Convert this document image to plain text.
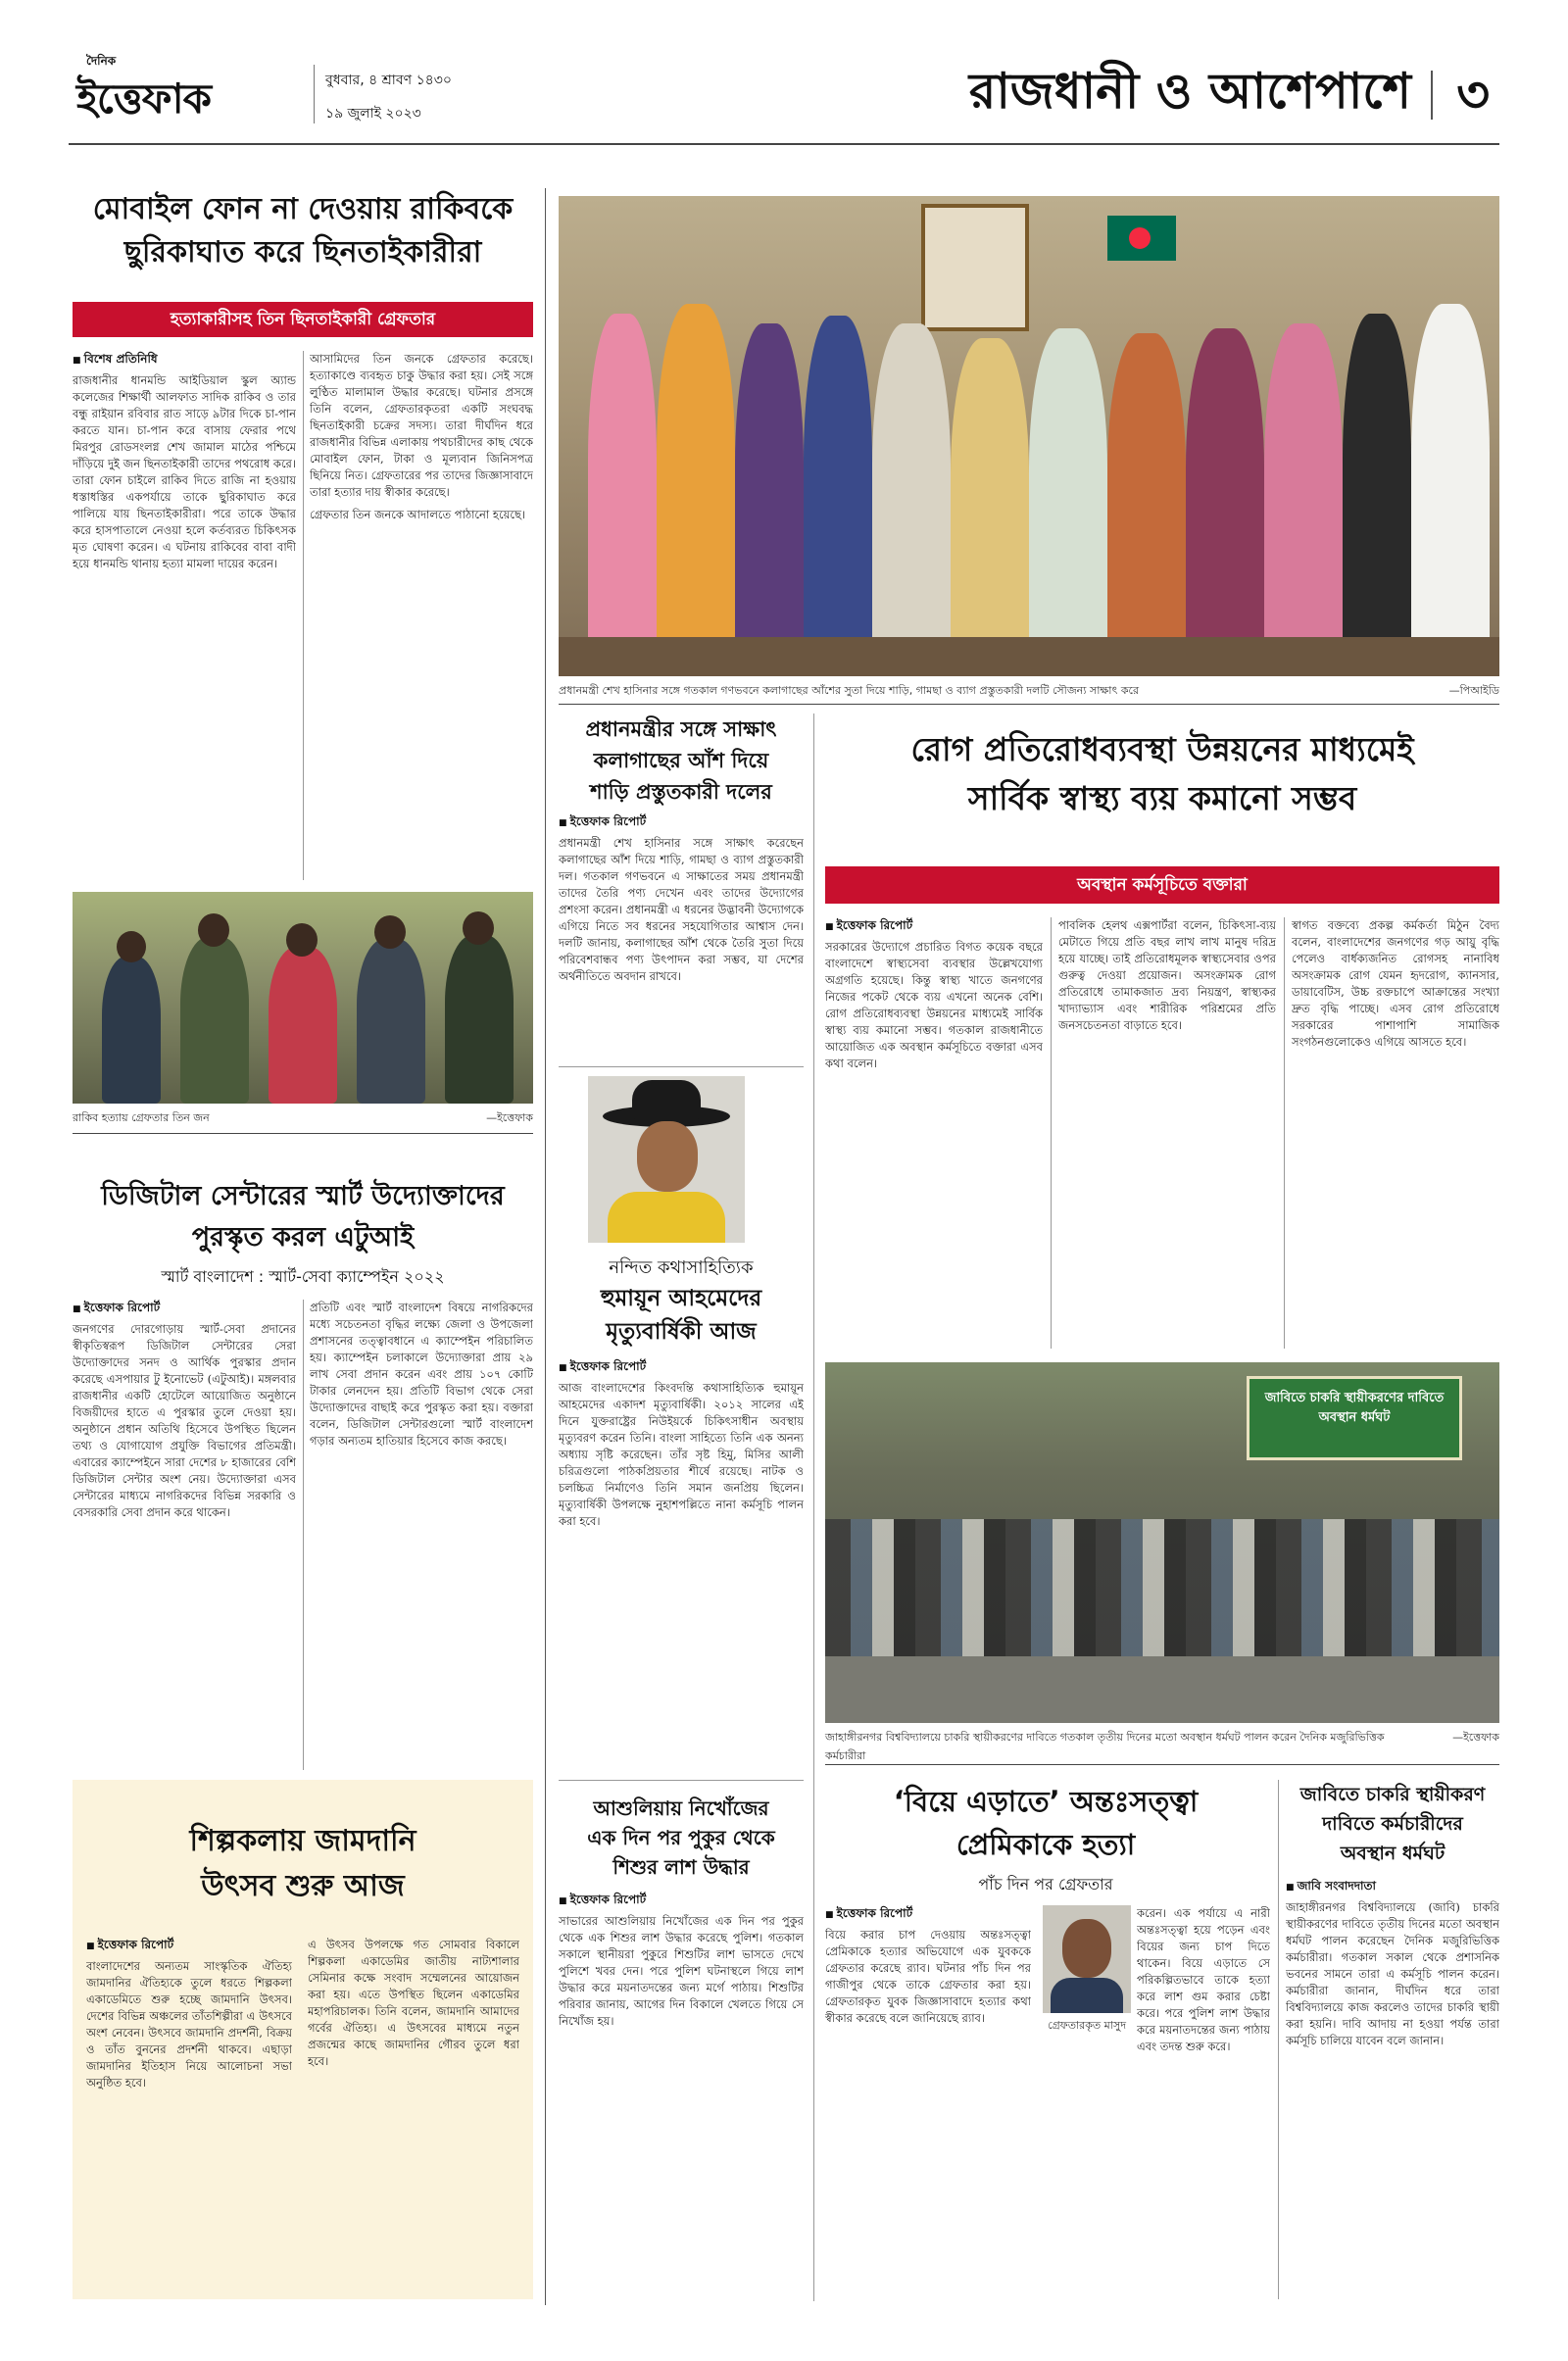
দৈনিক
ইত্তেফাক	বুধবার, ৪ শ্রাবণ ১৪৩০
১৯ জুলাই ২০২৩	রাজধানী ও আশেপাশে ৩
মোবাইল ফোন না দেওয়ায় রাকিবকে
ছুরিকাঘাত করে ছিনতাইকারীরা
হত্যাকারীসহ তিন ছিনতাইকারী গ্রেফতার
■ বিশেষ প্রতিনিধি
রাজধানীর ধানমন্ডি আইডিয়াল স্কুল অ্যান্ড কলেজের শিক্ষার্থী আলফাত সাদিক রাকিব ও তার বন্ধু রাইয়ান রবিবার রাত সাড়ে ৯টার দিকে চা-পান করতে যান। চা-পান করে বাসায় ফেরার পথে মিরপুর রোডসংলগ্ন শেখ জামাল মাঠের পশ্চিমে দাঁড়িয়ে দুই জন ছিনতাইকারী তাদের পথরোধ করে। তারা ফোন চাইলে রাকিব দিতে রাজি না হওয়ায় ধস্তাধস্তির একপর্যায়ে তাকে ছুরিকাঘাত করে পালিয়ে যায় ছিনতাইকারীরা। পরে তাকে উদ্ধার করে হাসপাতালে নেওয়া হলে কর্তব্যরত চিকিৎসক মৃত ঘোষণা করেন। এ ঘটনায় রাকিবের বাবা বাদী হয়ে ধানমন্ডি থানায় হত্যা মামলা দায়ের করেন।
আসামিদের তিন জনকে গ্রেফতার করেছে। হত্যাকাণ্ডে ব্যবহৃত চাকু উদ্ধার করা হয়। সেই সঙ্গে লুণ্ঠিত মালামাল উদ্ধার করেছে। ঘটনার প্রসঙ্গে তিনি বলেন, গ্রেফতারকৃতরা একটি সংঘবদ্ধ ছিনতাইকারী চক্রের সদস্য। তারা দীর্ঘদিন ধরে রাজধানীর বিভিন্ন এলাকায় পথচারীদের কাছ থেকে মোবাইল ফোন, টাকা ও মূল্যবান জিনিসপত্র ছিনিয়ে নিত। গ্রেফতারের পর তাদের জিজ্ঞাসাবাদে তারা হত্যার দায় স্বীকার করেছে।
গ্রেফতার তিন জনকে আদালতে পাঠানো হয়েছে।
রাকিব হত্যায় গ্রেফতার তিন জন	—ইত্তেফাক
ডিজিটাল সেন্টারের স্মার্ট উদ্যোক্তাদের
পুরস্কৃত করল এটুআই
স্মার্ট বাংলাদেশ : স্মার্ট-সেবা ক্যাম্পেইন ২০২২
■ ইত্তেফাক রিপোর্ট
জনগণের দোরগোড়ায় স্মার্ট-সেবা প্রদানের স্বীকৃতিস্বরূপ ডিজিটাল সেন্টারের সেরা উদ্যোক্তাদের সনদ ও আর্থিক পুরস্কার প্রদান করেছে এসপায়ার টু ইনোভেট (এটুআই)। মঙ্গলবার রাজধানীর একটি হোটেলে আয়োজিত অনুষ্ঠানে বিজয়ীদের হাতে এ পুরস্কার তুলে দেওয়া হয়। অনুষ্ঠানে প্রধান অতিথি হিসেবে উপস্থিত ছিলেন তথ্য ও যোগাযোগ প্রযুক্তি বিভাগের প্রতিমন্ত্রী। এবারের ক্যাম্পেইনে সারা দেশের ৮ হাজারের বেশি ডিজিটাল সেন্টার অংশ নেয়। উদ্যোক্তারা এসব সেন্টারের মাধ্যমে নাগরিকদের বিভিন্ন সরকারি ও বেসরকারি সেবা প্রদান করে থাকেন।
প্রতিটি এবং স্মার্ট বাংলাদেশ বিষয়ে নাগরিকদের মধ্যে সচেতনতা বৃদ্ধির লক্ষ্যে জেলা ও উপজেলা প্রশাসনের তত্ত্বাবধানে এ ক্যাম্পেইন পরিচালিত হয়। ক্যাম্পেইন চলাকালে উদ্যোক্তারা প্রায় ২৯ লাখ সেবা প্রদান করেন এবং প্রায় ১০৭ কোটি টাকার লেনদেন হয়। প্রতিটি বিভাগ থেকে সেরা উদ্যোক্তাদের বাছাই করে পুরস্কৃত করা হয়। বক্তারা বলেন, ডিজিটাল সেন্টারগুলো স্মার্ট বাংলাদেশ গড়ার অন্যতম হাতিয়ার হিসেবে কাজ করছে।
শিল্পকলায় জামদানি
উৎসব শুরু আজ
■ ইত্তেফাক রিপোর্ট
বাংলাদেশের অন্যতম সাংস্কৃতিক ঐতিহ্য জামদানির ঐতিহ্যকে তুলে ধরতে শিল্পকলা একাডেমিতে শুরু হচ্ছে জামদানি উৎসব। দেশের বিভিন্ন অঞ্চলের তাঁতশিল্পীরা এ উৎসবে অংশ নেবেন। উৎসবে জামদানি প্রদর্শনী, বিক্রয় ও তাঁত বুননের প্রদর্শনী থাকবে। এছাড়া জামদানির ইতিহাস নিয়ে আলোচনা সভা অনুষ্ঠিত হবে।
এ উৎসব উপলক্ষে গত সোমবার বিকালে শিল্পকলা একাডেমির জাতীয় নাট্যশালার সেমিনার কক্ষে সংবাদ সম্মেলনের আয়োজন করা হয়। এতে উপস্থিত ছিলেন একাডেমির মহাপরিচালক। তিনি বলেন, জামদানি আমাদের গর্বের ঐতিহ্য। এ উৎসবের মাধ্যমে নতুন প্রজন্মের কাছে জামদানির গৌরব তুলে ধরা হবে।
প্রধানমন্ত্রী শেখ হাসিনার সঙ্গে গতকাল গণভবনে কলাগাছের আঁশের সুতা দিয়ে শাড়ি, গামছা ও ব্যাগ প্রস্তুতকারী দলটি সৌজন্য সাক্ষাৎ করে	—পিআইডি
প্রধানমন্ত্রীর সঙ্গে সাক্ষাৎ
কলাগাছের আঁশ দিয়ে
শাড়ি প্রস্তুতকারী দলের
■ ইত্তেফাক রিপোর্ট
প্রধানমন্ত্রী শেখ হাসিনার সঙ্গে সাক্ষাৎ করেছেন কলাগাছের আঁশ দিয়ে শাড়ি, গামছা ও ব্যাগ প্রস্তুতকারী দল। গতকাল গণভবনে এ সাক্ষাতের সময় প্রধানমন্ত্রী তাদের তৈরি পণ্য দেখেন এবং তাদের উদ্যোগের প্রশংসা করেন। প্রধানমন্ত্রী এ ধরনের উদ্ভাবনী উদ্যোগকে এগিয়ে নিতে সব ধরনের সহযোগিতার আশ্বাস দেন। দলটি জানায়, কলাগাছের আঁশ থেকে তৈরি সুতা দিয়ে পরিবেশবান্ধব পণ্য উৎপাদন করা সম্ভব, যা দেশের অর্থনীতিতে অবদান রাখবে।
নন্দিত কথাসাহিত্যিক
হুমায়ূন আহমেদের
মৃত্যুবার্ষিকী আজ
■ ইত্তেফাক রিপোর্ট
আজ বাংলাদেশের কিংবদন্তি কথাসাহিত্যিক হুমায়ূন আহমেদের একাদশ মৃত্যুবার্ষিকী। ২০১২ সালের এই দিনে যুক্তরাষ্ট্রের নিউইয়র্কে চিকিৎসাধীন অবস্থায় মৃত্যুবরণ করেন তিনি। বাংলা সাহিত্যে তিনি এক অনন্য অধ্যায় সৃষ্টি করেছেন। তাঁর সৃষ্ট হিমু, মিসির আলী চরিত্রগুলো পাঠকপ্রিয়তার শীর্ষে রয়েছে। নাটক ও চলচ্চিত্র নির্মাণেও তিনি সমান জনপ্রিয় ছিলেন। মৃত্যুবার্ষিকী উপলক্ষে নুহাশপল্লিতে নানা কর্মসূচি পালন করা হবে।
আশুলিয়ায় নিখোঁজের
এক দিন পর পুকুর থেকে
শিশুর লাশ উদ্ধার
■ ইত্তেফাক রিপোর্ট
সাভারের আশুলিয়ায় নিখোঁজের এক দিন পর পুকুর থেকে এক শিশুর লাশ উদ্ধার করেছে পুলিশ। গতকাল সকালে স্থানীয়রা পুকুরে শিশুটির লাশ ভাসতে দেখে পুলিশে খবর দেন। পরে পুলিশ ঘটনাস্থলে গিয়ে লাশ উদ্ধার করে ময়নাতদন্তের জন্য মর্গে পাঠায়। শিশুটির পরিবার জানায়, আগের দিন বিকালে খেলতে গিয়ে সে নিখোঁজ হয়।
রোগ প্রতিরোধব্যবস্থা উন্নয়নের মাধ্যমেই
সার্বিক স্বাস্থ্য ব্যয় কমানো সম্ভব
অবস্থান কর্মসূচিতে বক্তারা
■ ইত্তেফাক রিপোর্ট
সরকারের উদ্যোগে প্রচারিত বিগত কয়েক বছরে বাংলাদেশে স্বাস্থ্যসেবা ব্যবস্থার উল্লেখযোগ্য অগ্রগতি হয়েছে। কিন্তু স্বাস্থ্য খাতে জনগণের নিজের পকেট থেকে ব্যয় এখনো অনেক বেশি। রোগ প্রতিরোধব্যবস্থা উন্নয়নের মাধ্যমেই সার্বিক স্বাস্থ্য ব্যয় কমানো সম্ভব। গতকাল রাজধানীতে আয়োজিত এক অবস্থান কর্মসূচিতে বক্তারা এসব কথা বলেন।
পাবলিক হেলথ এক্সপার্টরা বলেন, চিকিৎসা-ব্যয় মেটাতে গিয়ে প্রতি বছর লাখ লাখ মানুষ দরিদ্র হয়ে যাচ্ছে। তাই প্রতিরোধমূলক স্বাস্থ্যসেবার ওপর গুরুত্ব দেওয়া প্রয়োজন। অসংক্রামক রোগ প্রতিরোধে তামাকজাত দ্রব্য নিয়ন্ত্রণ, স্বাস্থ্যকর খাদ্যাভ্যাস এবং শারীরিক পরিশ্রমের প্রতি জনসচেতনতা বাড়াতে হবে।
স্বাগত বক্তব্যে প্রকল্প কর্মকর্তা মিঠুন বৈদ্য বলেন, বাংলাদেশের জনগণের গড় আয়ু বৃদ্ধি পেলেও বার্ধক্যজনিত রোগসহ নানাবিধ অসংক্রামক রোগ যেমন হৃদরোগ, ক্যানসার, ডায়াবেটিস, উচ্চ রক্তচাপে আক্রান্তের সংখ্যা দ্রুত বৃদ্ধি পাচ্ছে। এসব রোগ প্রতিরোধে সরকারের পাশাপাশি সামাজিক সংগঠনগুলোকেও এগিয়ে আসতে হবে।
জাবিতে চাকরি স্থায়ীকরণের দাবিতে অবস্থান ধর্মঘট
জাহাঙ্গীরনগর বিশ্ববিদ্যালয়ে চাকরি স্থায়ীকরণের দাবিতে গতকাল তৃতীয় দিনের মতো অবস্থান ধর্মঘট পালন করেন দৈনিক মজুরিভিত্তিক কর্মচারীরা
—ইত্তেফাক
‘বিয়ে এড়াতে’ অন্তঃসত্ত্বা
প্রেমিকাকে হত্যা
পাঁচ দিন পর গ্রেফতার
■ ইত্তেফাক রিপোর্ট
বিয়ে করার চাপ দেওয়ায় অন্তঃসত্ত্বা প্রেমিকাকে হত্যার অভিযোগে এক যুবককে গ্রেফতার করেছে র‍্যাব। ঘটনার পাঁচ দিন পর গাজীপুর থেকে তাকে গ্রেফতার করা হয়। গ্রেফতারকৃত যুবক জিজ্ঞাসাবাদে হত্যার কথা স্বীকার করেছে বলে জানিয়েছে র‍্যাব।
গ্রেফতারকৃত মাসুদ
করেন। এক পর্যায়ে এ নারী অন্তঃসত্ত্বা হয়ে পড়েন এবং বিয়ের জন্য চাপ দিতে থাকেন। বিয়ে এড়াতে সে পরিকল্পিতভাবে তাকে হত্যা করে লাশ গুম করার চেষ্টা করে। পরে পুলিশ লাশ উদ্ধার করে ময়নাতদন্তের জন্য পাঠায় এবং তদন্ত শুরু করে।
জাবিতে চাকরি স্থায়ীকরণ
দাবিতে কর্মচারীদের
অবস্থান ধর্মঘট
■ জাবি সংবাদদাতা
জাহাঙ্গীরনগর বিশ্ববিদ্যালয়ে (জাবি) চাকরি স্থায়ীকরণের দাবিতে তৃতীয় দিনের মতো অবস্থান ধর্মঘট পালন করেছেন দৈনিক মজুরিভিত্তিক কর্মচারীরা। গতকাল সকাল থেকে প্রশাসনিক ভবনের সামনে তারা এ কর্মসূচি পালন করেন। কর্মচারীরা জানান, দীর্ঘদিন ধরে তারা বিশ্ববিদ্যালয়ে কাজ করলেও তাদের চাকরি স্থায়ী করা হয়নি। দাবি আদায় না হওয়া পর্যন্ত তারা কর্মসূচি চালিয়ে যাবেন বলে জানান।
